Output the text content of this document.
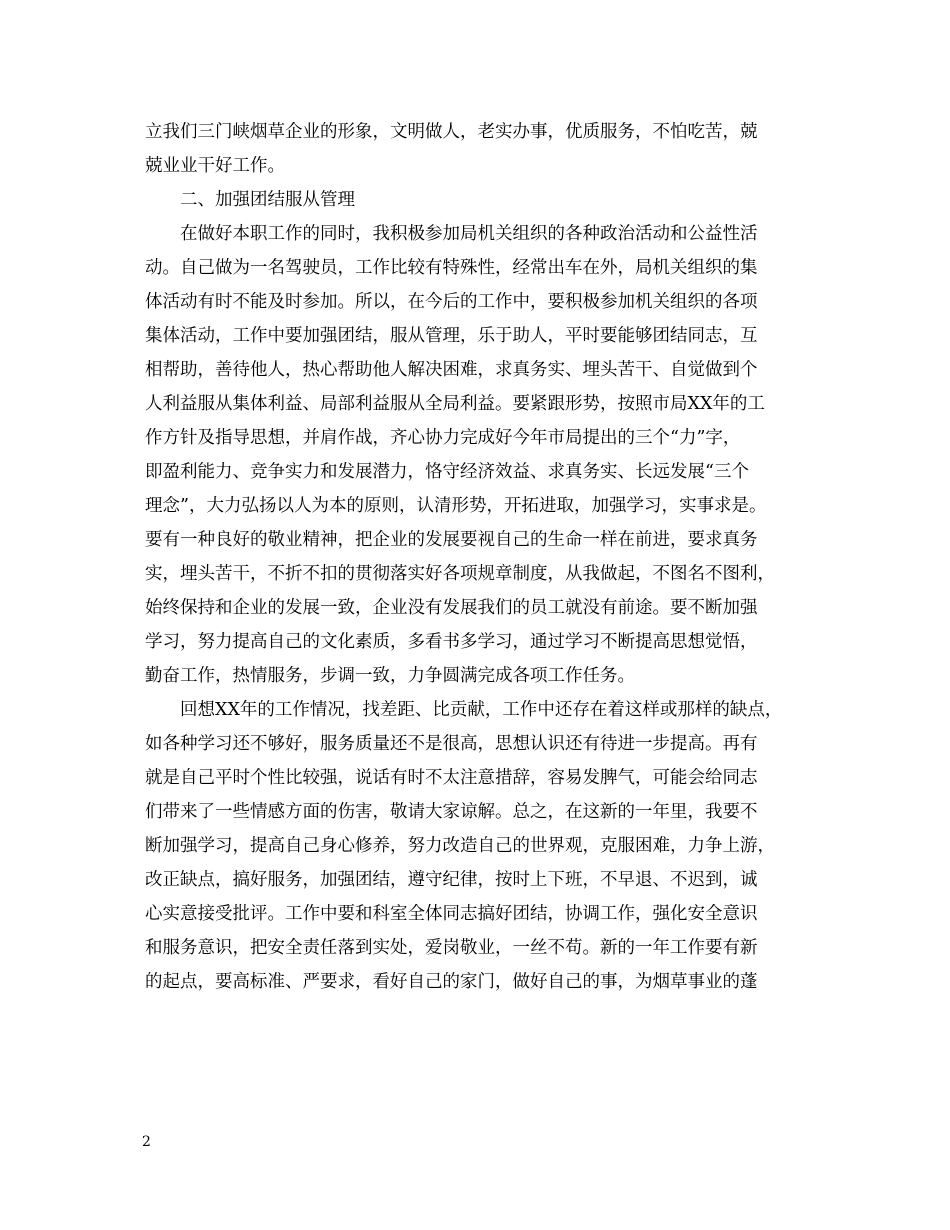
立我们三门峡烟草企业的形象，文明做人，老实办事，优质服务，不怕吃苦，兢
兢业业干好工作。
二、加强团结服从管理
在做好本职工作的同时，我积极参加局机关组织的各种政治活动和公益性活
动。自己做为一名驾驶员，工作比较有特殊性，经常出车在外，局机关组织的集
体活动有时不能及时参加。所以，在今后的工作中，要积极参加机关组织的各项
集体活动，工作中要加强团结，服从管理，乐于助人，平时要能够团结同志，互
相帮助，善待他人，热心帮助他人解决困难，求真务实、埋头苦干、自觉做到个
人利益服从集体利益、局部利益服从全局利益。要紧跟形势，按照市局XX年的工
作方针及指导思想，并肩作战，齐心协力完成好今年市局提出的三个“力”字，
即盈利能力、竞争实力和发展潜力，恪守经济效益、求真务实、长远发展“三个
理念”，大力弘扬以人为本的原则，认清形势，开拓进取，加强学习，实事求是。
要有一种良好的敬业精神，把企业的发展要视自己的生命一样在前进，要求真务
实，埋头苦干，不折不扣的贯彻落实好各项规章制度，从我做起，不图名不图利，
始终保持和企业的发展一致，企业没有发展我们的员工就没有前途。要不断加强
学习，努力提高自己的文化素质，多看书多学习，通过学习不断提高思想觉悟，
勤奋工作，热情服务，步调一致，力争圆满完成各项工作任务。
回想XX年的工作情况，找差距、比贡献，工作中还存在着这样或那样的缺点，
如各种学习还不够好，服务质量还不是很高，思想认识还有待进一步提高。再有
就是自己平时个性比较强，说话有时不太注意措辞，容易发脾气，可能会给同志
们带来了一些情感方面的伤害，敬请大家谅解。总之，在这新的一年里，我要不
断加强学习，提高自己身心修养，努力改造自己的世界观，克服困难，力争上游，
改正缺点，搞好服务，加强团结，遵守纪律，按时上下班，不早退、不迟到，诚
心实意接受批评。工作中要和科室全体同志搞好团结，协调工作，强化安全意识
和服务意识，把安全责任落到实处，爱岗敬业，一丝不苟。新的一年工作要有新
的起点，要高标准、严要求，看好自己的家门，做好自己的事，为烟草事业的蓬
2
